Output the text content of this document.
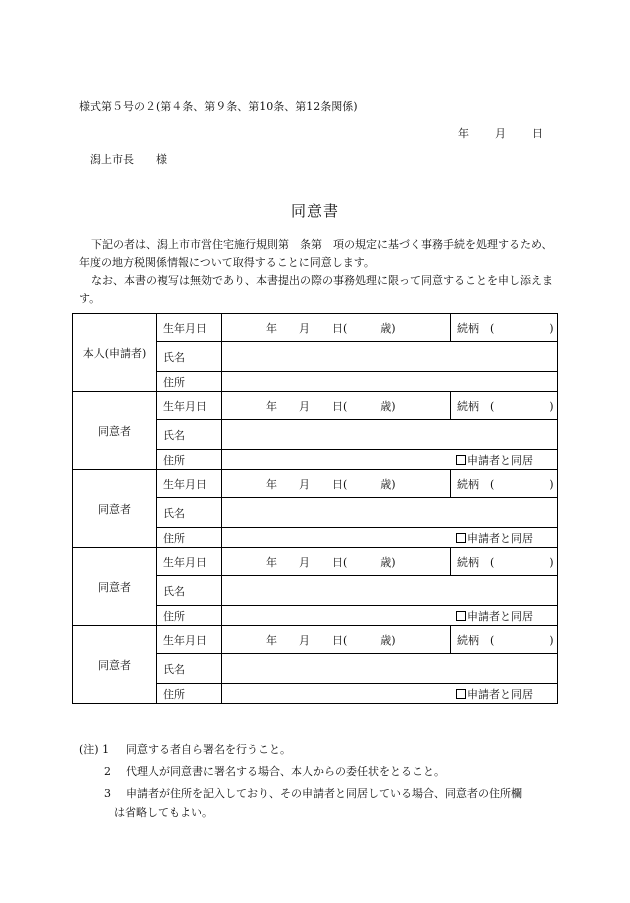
様式第５号の２(第４条、第９条、第10条、第12条関係)
年 月 日
潟上市長　　様
同意書
下記の者は、潟上市市営住宅施行規則第　条第　項の規定に基づく事務手続を処理するため、　年度の地方税関係情報について取得することに同意します。
なお、本書の複写は無効であり、本書提出の際の事務処理に限って同意することを申し添えます。
本人(申請者)	生年月日	年　　月　　日(　　　歳)	続柄　(　　　　　)
	氏名		
	住所		
同意者	生年月日	年　　月　　日(　　　歳)	続柄　(　　　　　)
	氏名		
	住所	申請者と同居	

同意者	生年月日	年　　月　　日(　　　歳)	続柄　(　　　　　)
	氏名		
	住所	申請者と同居	

同意者	生年月日	年　　月　　日(　　　歳)	続柄　(　　　　　)
	氏名		
	住所	申請者と同居	

同意者	生年月日	年　　月　　日(　　　歳)	続柄　(　　　　　)
	氏名		
	住所	申請者と同居	
(注) 1 同意する者自ら署名を行うこと。
2 代理人が同意書に署名する場合、本人からの委任状をとること。
3 申請者が住所を記入しており、その申請者と同居している場合、同意者の住所欄
は省略してもよい。
